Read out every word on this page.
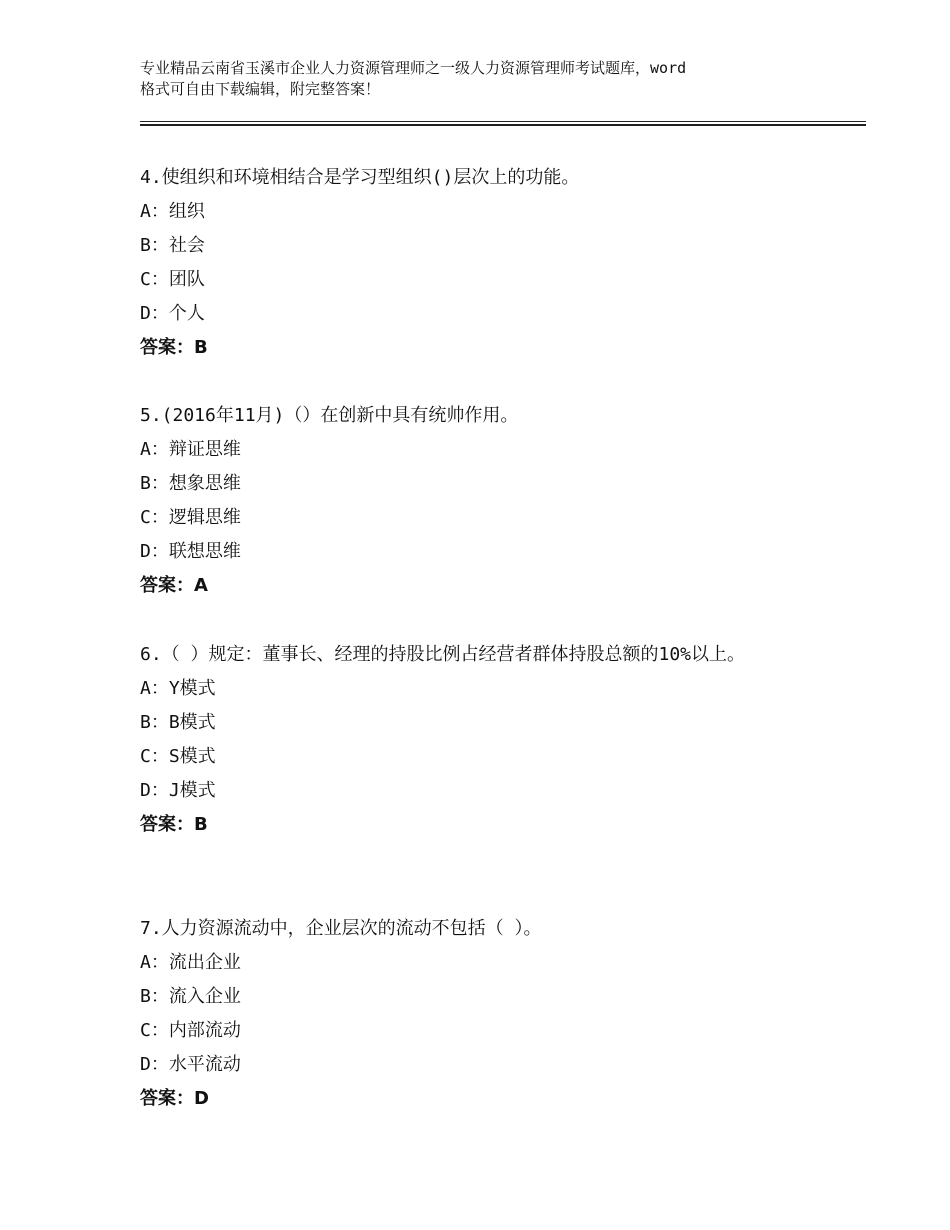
专业精品云南省玉溪市企业人力资源管理师之一级人力资源管理师考试题库，word
格式可自由下载编辑，附完整答案！

4.使组织和环境相结合是学习型组织()层次上的功能。

A：组织

B：社会

C：团队

D：个人

答案：B

5.(2016年11月)（）在创新中具有统帅作用。

A：辩证思维

B：想象思维

C：逻辑思维

D：联想思维

答案：A

6.（ ）规定：董事长、经理的持股比例占经营者群体持股总额的10%以上。

A：Y模式

B：B模式

C：S模式

D：J模式

答案：B

7.人力资源流动中，企业层次的流动不包括（ ）。

A：流出企业

B：流入企业

C：内部流动

D：水平流动

答案：D
